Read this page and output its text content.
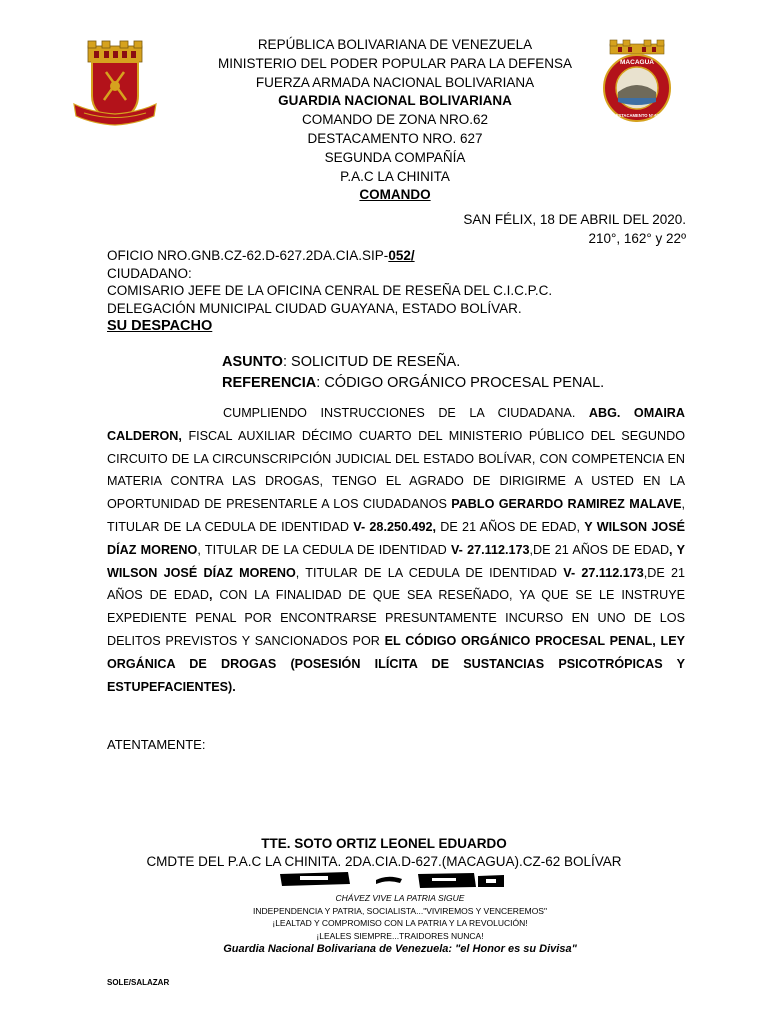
MACAGUA
DESTACAMENTO Nº 627
REPÚBLICA BOLIVARIANA DE VENEZUELA
MINISTERIO DEL PODER POPULAR PARA LA DEFENSA
FUERZA ARMADA NACIONAL BOLIVARIANA
GUARDIA NACIONAL BOLIVARIANA
COMANDO DE ZONA NRO.62
DESTACAMENTO NRO. 627
SEGUNDA COMPAÑÍA
P.A.C LA CHINITA
COMANDO
SAN FÉLIX, 18 DE ABRIL DEL 2020.
210°, 162° y 22º
OFICIO NRO.GNB.CZ-62.D-627.2DA.CIA.SIP-052/
CIUDADANO:
COMISARIO JEFE DE LA OFICINA CENRAL DE RESEÑA DEL C.I.C.P.C.
DELEGACIÓN MUNICIPAL CIUDAD GUAYANA, ESTADO BOLÍVAR.
SU DESPACHO
ASUNTO: SOLICITUD DE RESEÑA.
REFERENCIA: CÓDIGO ORGÁNICO PROCESAL PENAL.

CUMPLIENDO INSTRUCCIONES DE LA CIUDADANA. ABG. OMAIRA CALDERON, FISCAL AUXILIAR DÉCIMO CUARTO DEL MINISTERIO PÚBLICO DEL SEGUNDO CIRCUITO DE LA CIRCUNSCRIPCIÓN JUDICIAL DEL ESTADO BOLÍVAR, CON COMPETENCIA EN MATERIA CONTRA LAS DROGAS, TENGO EL AGRADO DE DIRIGIRME A USTED EN LA OPORTUNIDAD DE PRESENTARLE A LOS CIUDADANOS PABLO GERARDO RAMIREZ MALAVE, TITULAR DE LA CEDULA DE IDENTIDAD V- 28.250.492, DE 21 AÑOS DE EDAD, Y WILSON JOSÉ DÍAZ MORENO, TITULAR DE LA CEDULA DE IDENTIDAD V- 27.112.173,DE 21 AÑOS DE EDAD, Y WILSON JOSÉ DÍAZ MORENO, TITULAR DE LA CEDULA DE IDENTIDAD V- 27.112.173,DE 21 AÑOS DE EDAD, CON LA FINALIDAD DE QUE SEA RESEÑADO, YA QUE SE LE INSTRUYE EXPEDIENTE PENAL POR ENCONTRARSE PRESUNTAMENTE INCURSO EN UNO DE LOS DELITOS PREVISTOS Y SANCIONADOS POR EL CÓDIGO ORGÁNICO PROCESAL PENAL, LEY ORGÁNICA DE DROGAS (POSESIÓN ILÍCITA DE SUSTANCIAS PSICOTRÓPICAS Y ESTUPEFACIENTES).

ATENTAMENTE:
TTE. SOTO ORTIZ LEONEL EDUARDO
CMDTE DEL P.A.C LA CHINITA. 2DA.CIA.D-627.(MACAGUA).CZ-62 BOLÍVAR
CHÁVEZ VIVE LA PATRIA SIGUE
INDEPENDENCIA Y PATRIA, SOCIALISTA..."VIVIREMOS Y VENCEREMOS"
¡LEALTAD Y COMPROMISO CON LA PATRIA Y LA REVOLUCIÓN!
¡LEALES SIEMPRE...TRAIDORES NUNCA!
Guardia Nacional Bolivariana de Venezuela: "el Honor es su Divisa"
SOLE/SALAZAR
